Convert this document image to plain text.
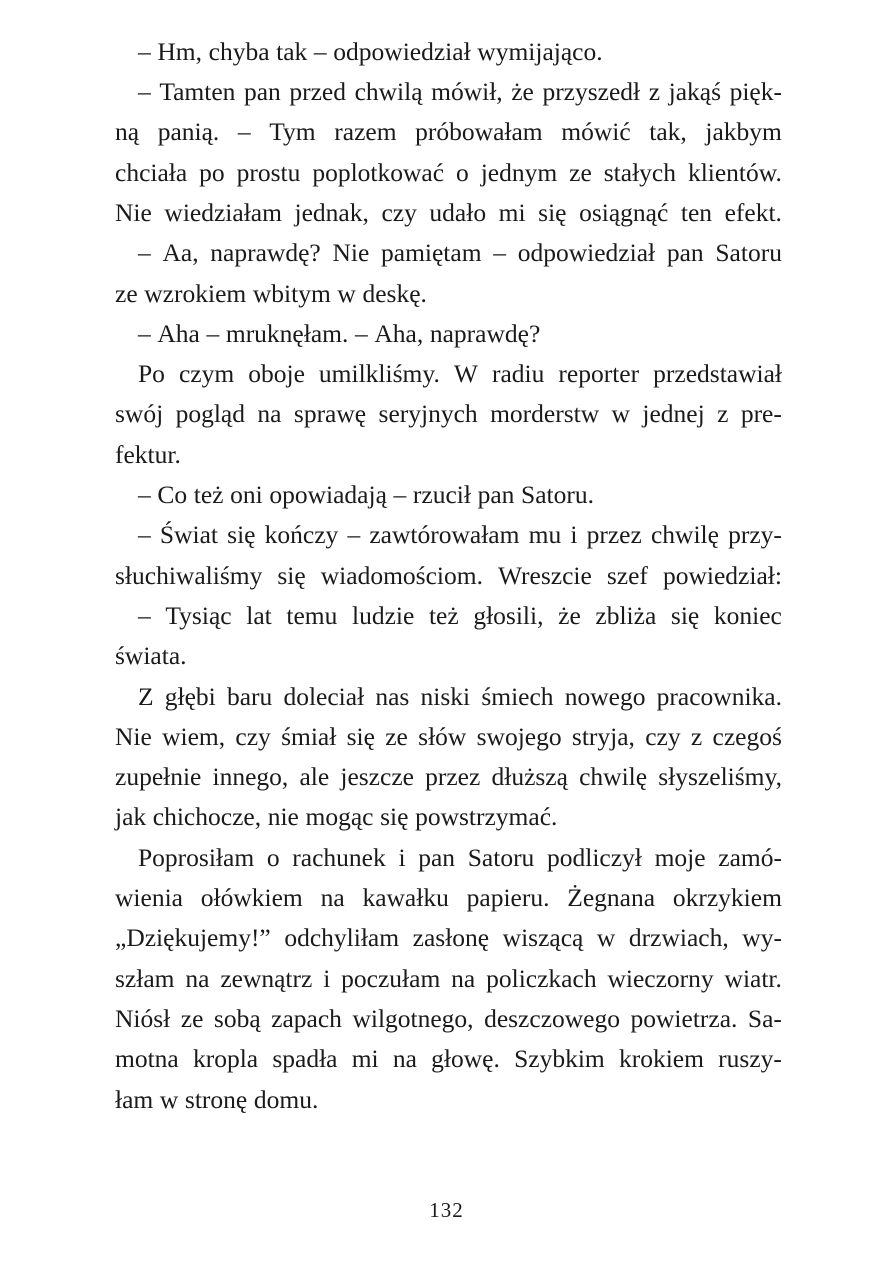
– Hm, chyba tak – odpowiedział wymijająco.
– Tamten pan przed chwilą mówił, że przyszedł z jakąś pięk-
ną panią. – Tym razem próbowałam mówić tak, jakbym
chciała po prostu poplotkować o jednym ze stałych klientów.
Nie wiedziałam jednak, czy udało mi się osiągnąć ten efekt.
– Aa, naprawdę? Nie pamiętam – odpowiedział pan Satoru
ze wzrokiem wbitym w deskę.
– Aha – mruknęłam. – Aha, naprawdę?
Po czym oboje umilkliśmy. W radiu reporter przedstawiał
swój pogląd na sprawę seryjnych morderstw w jednej z pre-
fektur.
– Co też oni opowiadają – rzucił pan Satoru.
– Świat się kończy – zawtórowałam mu i przez chwilę przy-
słuchiwaliśmy się wiadomościom. Wreszcie szef powiedział:
– Tysiąc lat temu ludzie też głosili, że zbliża się koniec
świata.
Z głębi baru doleciał nas niski śmiech nowego pracownika.
Nie wiem, czy śmiał się ze słów swojego stryja, czy z czegoś
zupełnie innego, ale jeszcze przez dłuższą chwilę słyszeliśmy,
jak chichocze, nie mogąc się powstrzymać.
Poprosiłam o rachunek i pan Satoru podliczył moje zamó-
wienia ołówkiem na kawałku papieru. Żegnana okrzykiem
„Dziękujemy!” odchyliłam zasłonę wiszącą w drzwiach, wy-
szłam na zewnątrz i poczułam na policzkach wieczorny wiatr.
Niósł ze sobą zapach wilgotnego, deszczowego powietrza. Sa-
motna kropla spadła mi na głowę. Szybkim krokiem ruszy-
łam w stronę domu.
132
